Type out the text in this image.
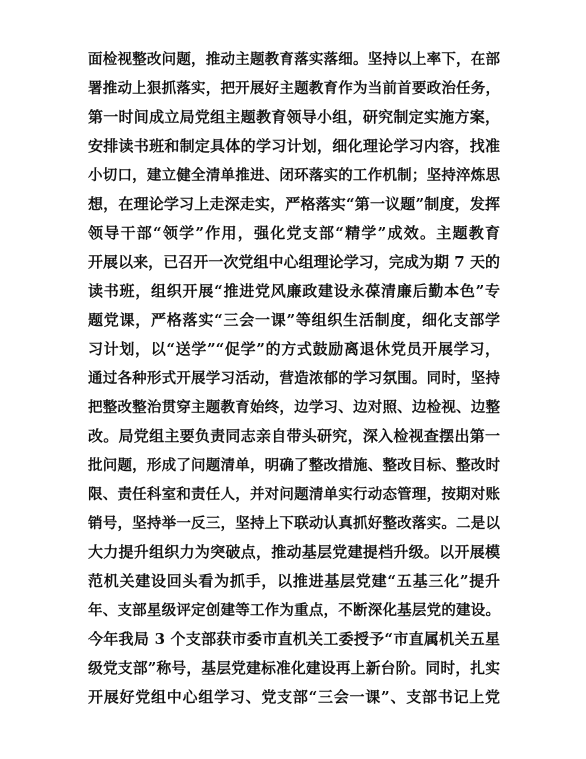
面检视整改问题，推动主题教育落实落细。坚持以上率下，在部
署推动上狠抓落实，把开展好主题教育作为当前首要政治任务，
第一时间成立局党组主题教育领导小组，研究制定实施方案，
安排读书班和制定具体的学习计划，细化理论学习内容，找准
小切口，建立健全清单推进、闭环落实的工作机制；坚持淬炼思
想，在理论学习上走深走实，严格落实“第一议题”制度，发挥
领导干部“领学”作用，强化党支部“精学”成效。主题教育
开展以来，已召开一次党组中心组理论学习，完成为期 7 天的
读书班，组织开展“推进党风廉政建设永葆清廉后勤本色”专
题党课，严格落实“三会一课”等组织生活制度，细化支部学
习计划，以“送学”“促学”的方式鼓励离退休党员开展学习，
通过各种形式开展学习活动，营造浓郁的学习氛围。同时，坚持
把整改整治贯穿主题教育始终，边学习、边对照、边检视、边整
改。局党组主要负责同志亲自带头研究，深入检视查摆出第一
批问题，形成了问题清单，明确了整改措施、整改目标、整改时
限、责任科室和责任人，并对问题清单实行动态管理，按期对账
销号，坚持举一反三，坚持上下联动认真抓好整改落实。二是以
大力提升组织力为突破点，推动基层党建提档升级。以开展模
范机关建设回头看为抓手，以推进基层党建“五基三化”提升
年、支部星级评定创建等工作为重点，不断深化基层党的建设。
今年我局 3 个支部获市委市直机关工委授予“市直属机关五星
级党支部”称号，基层党建标准化建设再上新台阶。同时，扎实
开展好党组中心组学习、党支部“三会一课”、支部书记上党
